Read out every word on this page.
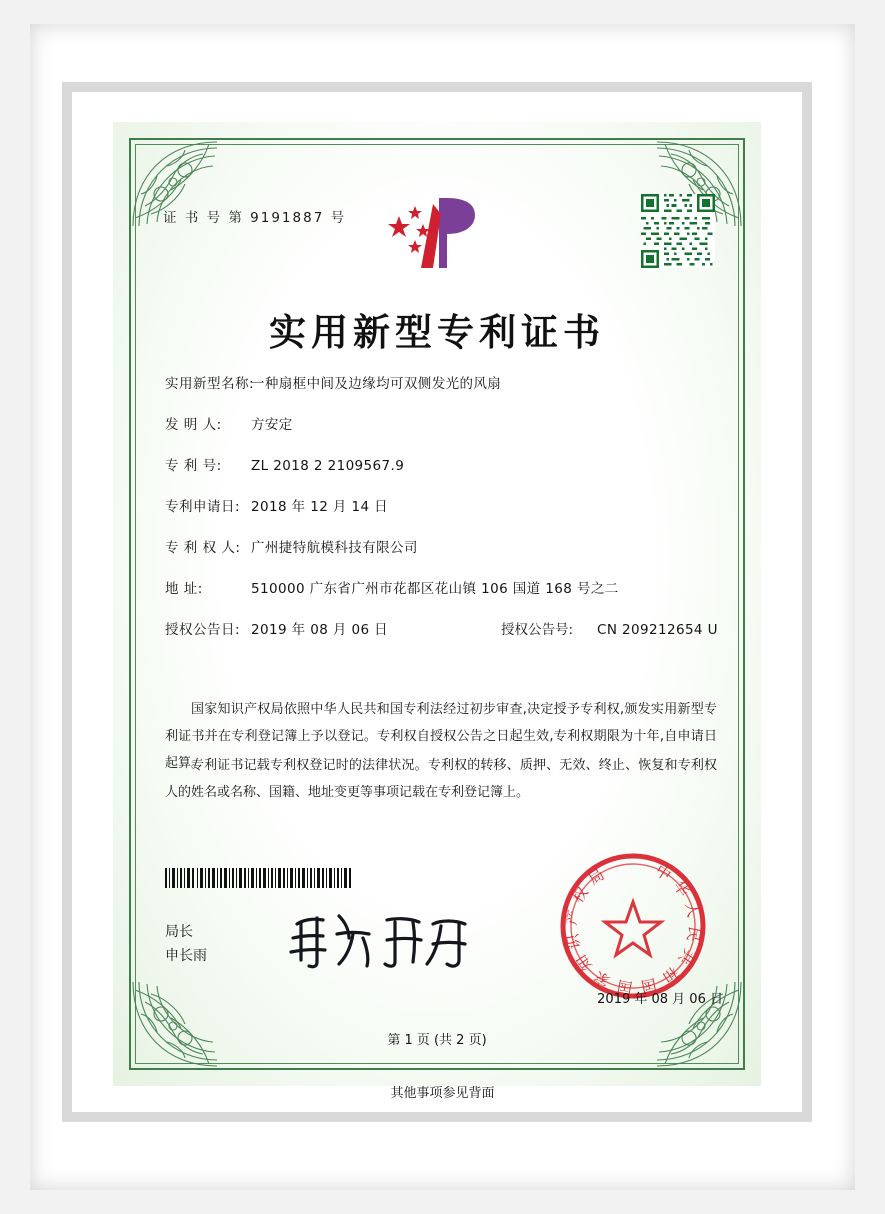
证 书 号 第 9191887 号
实用新型专利证书
实用新型名称:
一种扇框中间及边缘均可双侧发光的风扇
发 明 人:	方安定
专 利 号:	ZL 2018 2 2109567.9
专利申请日: 2018 年 12 月 14 日
专 利 权 人: 广州捷特航模科技有限公司
地 址:	510000 广东省广州市花都区花山镇 106 国道 168 号之二
授权公告日: 2019 年 08 月 06 日	授权公告号:	CN 209212654 U

国家知识产权局依照中华人民共和国专利法经过初步审查,决定授予专利权,颁发实用新型专利证书并在专利登记簿上予以登记。专利权自授权公告之日起生效,专利权期限为十年,自申请日起算。

专利证书记载专利权登记时的法律状况。专利权的转移、质押、无效、终止、恢复和专利权人的姓名或名称、国籍、地址变更等事项记载在专利登记簿上。

局长
申长雨
中华人民共和国国家知识产权局
2019 年 08 月 06 日
第 1 页 (共 2 页)
其他事项参见背面
